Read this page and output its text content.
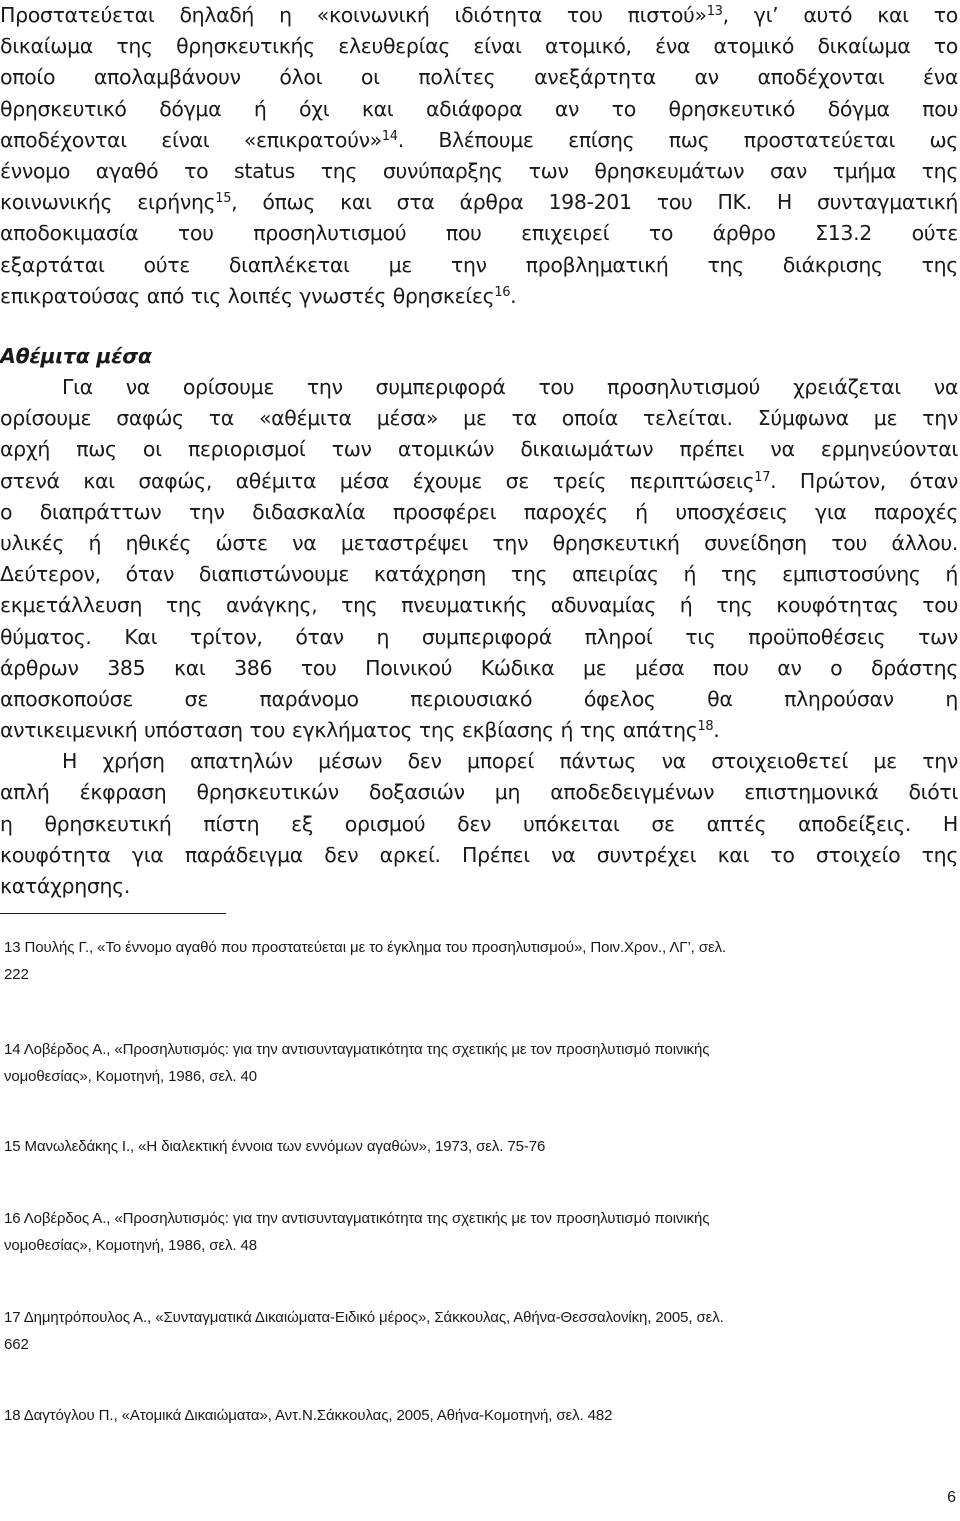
Προστατεύεται δηλαδή η «κοινωνική ιδιότητα του πιστού»$^{13}$, γι’ αυτό και το
δικαίωμα της θρησκευτικής ελευθερίας είναι ατομικό, ένα ατομικό δικαίωμα το
οποίο απολαμβάνουν όλοι οι πολίτες ανεξάρτητα αν αποδέχονται ένα
θρησκευτικό δόγμα ή όχι και αδιάφορα αν το θρησκευτικό δόγμα που
αποδέχονται είναι «επικρατούν»$^{14}$. Βλέπουμε επίσης πως προστατεύεται ως
έννομο αγαθό το status της συνύπαρξης των θρησκευμάτων σαν τμήμα της
κοινωνικής ειρήνης$^{15}$, όπως και στα άρθρα 198-201 του ΠΚ. Η συνταγματική
αποδοκιμασία του προσηλυτισμού που επιχειρεί το άρθρο Σ13.2 ούτε
εξαρτάται ούτε διαπλέκεται με την προβληματική της διάκρισης της
επικρατούσας από τις λοιπές γνωστές θρησκείες$^{16}$.
Αθέμιτα μέσα
Για να ορίσουμε την συμπεριφορά του προσηλυτισμού χρειάζεται να
ορίσουμε σαφώς τα «αθέμιτα μέσα» με τα οποία τελείται. Σύμφωνα με την
αρχή πως οι περιορισμοί των ατομικών δικαιωμάτων πρέπει να ερμηνεύονται
στενά και σαφώς, αθέμιτα μέσα έχουμε σε τρείς περιπτώσεις$^{17}$. Πρώτον, όταν
ο διαπράττων την διδασκαλία προσφέρει παροχές ή υποσχέσεις για παροχές
υλικές ή ηθικές ώστε να μεταστρέψει την θρησκευτική συνείδηση του άλλου.
Δεύτερον, όταν διαπιστώνουμε κατάχρηση της απειρίας ή της εμπιστοσύνης ή
εκμετάλλευση της ανάγκης, της πνευματικής αδυναμίας ή της κουφότητας του
θύματος. Και τρίτον, όταν η συμπεριφορά πληροί τις προϋποθέσεις των
άρθρων 385 και 386 του Ποινικού Κώδικα με μέσα που αν ο δράστης
αποσκοπούσε σε παράνομο περιουσιακό όφελος θα πληρούσαν η
αντικειμενική υπόσταση του εγκλήματος της εκβίασης ή της απάτης$^{18}$.
Η χρήση απατηλών μέσων δεν μπορεί πάντως να στοιχειοθετεί με την
απλή έκφραση θρησκευτικών δοξασιών μη αποδεδειγμένων επιστημονικά διότι
η θρησκευτική πίστη εξ ορισμού δεν υπόκειται σε απτές αποδείξεις. Η
κουφότητα για παράδειγμα δεν αρκεί. Πρέπει να συντρέχει και το στοιχείο της
κατάχρησης.
13 Πουλής Γ., «Το έννομο αγαθό που προστατεύεται με το έγκλημα του προσηλυτισμού», Ποιν.Χρον., ΛΓ’, σελ.
222
14 Λοβέρδος Α., «Προσηλυτισμός: για την αντισυνταγματικότητα της σχετικής με τον προσηλυτισμό ποινικής
νομοθεσίας», Κομοτηνή, 1986, σελ. 40
15 Μανωλεδάκης Ι., «Η διαλεκτική έννοια των εννόμων αγαθών», 1973, σελ. 75-76
16 Λοβέρδος Α., «Προσηλυτισμός: για την αντισυνταγματικότητα της σχετικής με τον προσηλυτισμό ποινικής
νομοθεσίας», Κομοτηνή, 1986, σελ. 48
17 Δημητρόπουλος Α., «Συνταγματικά Δικαιώματα-Ειδικό μέρος», Σάκκουλας, Αθήνα-Θεσσαλονίκη, 2005, σελ.
662
18 Δαγτόγλου Π., «Ατομικά Δικαιώματα», Αντ.Ν.Σάκκουλας, 2005, Αθήνα-Κομοτηνή, σελ. 482
6
